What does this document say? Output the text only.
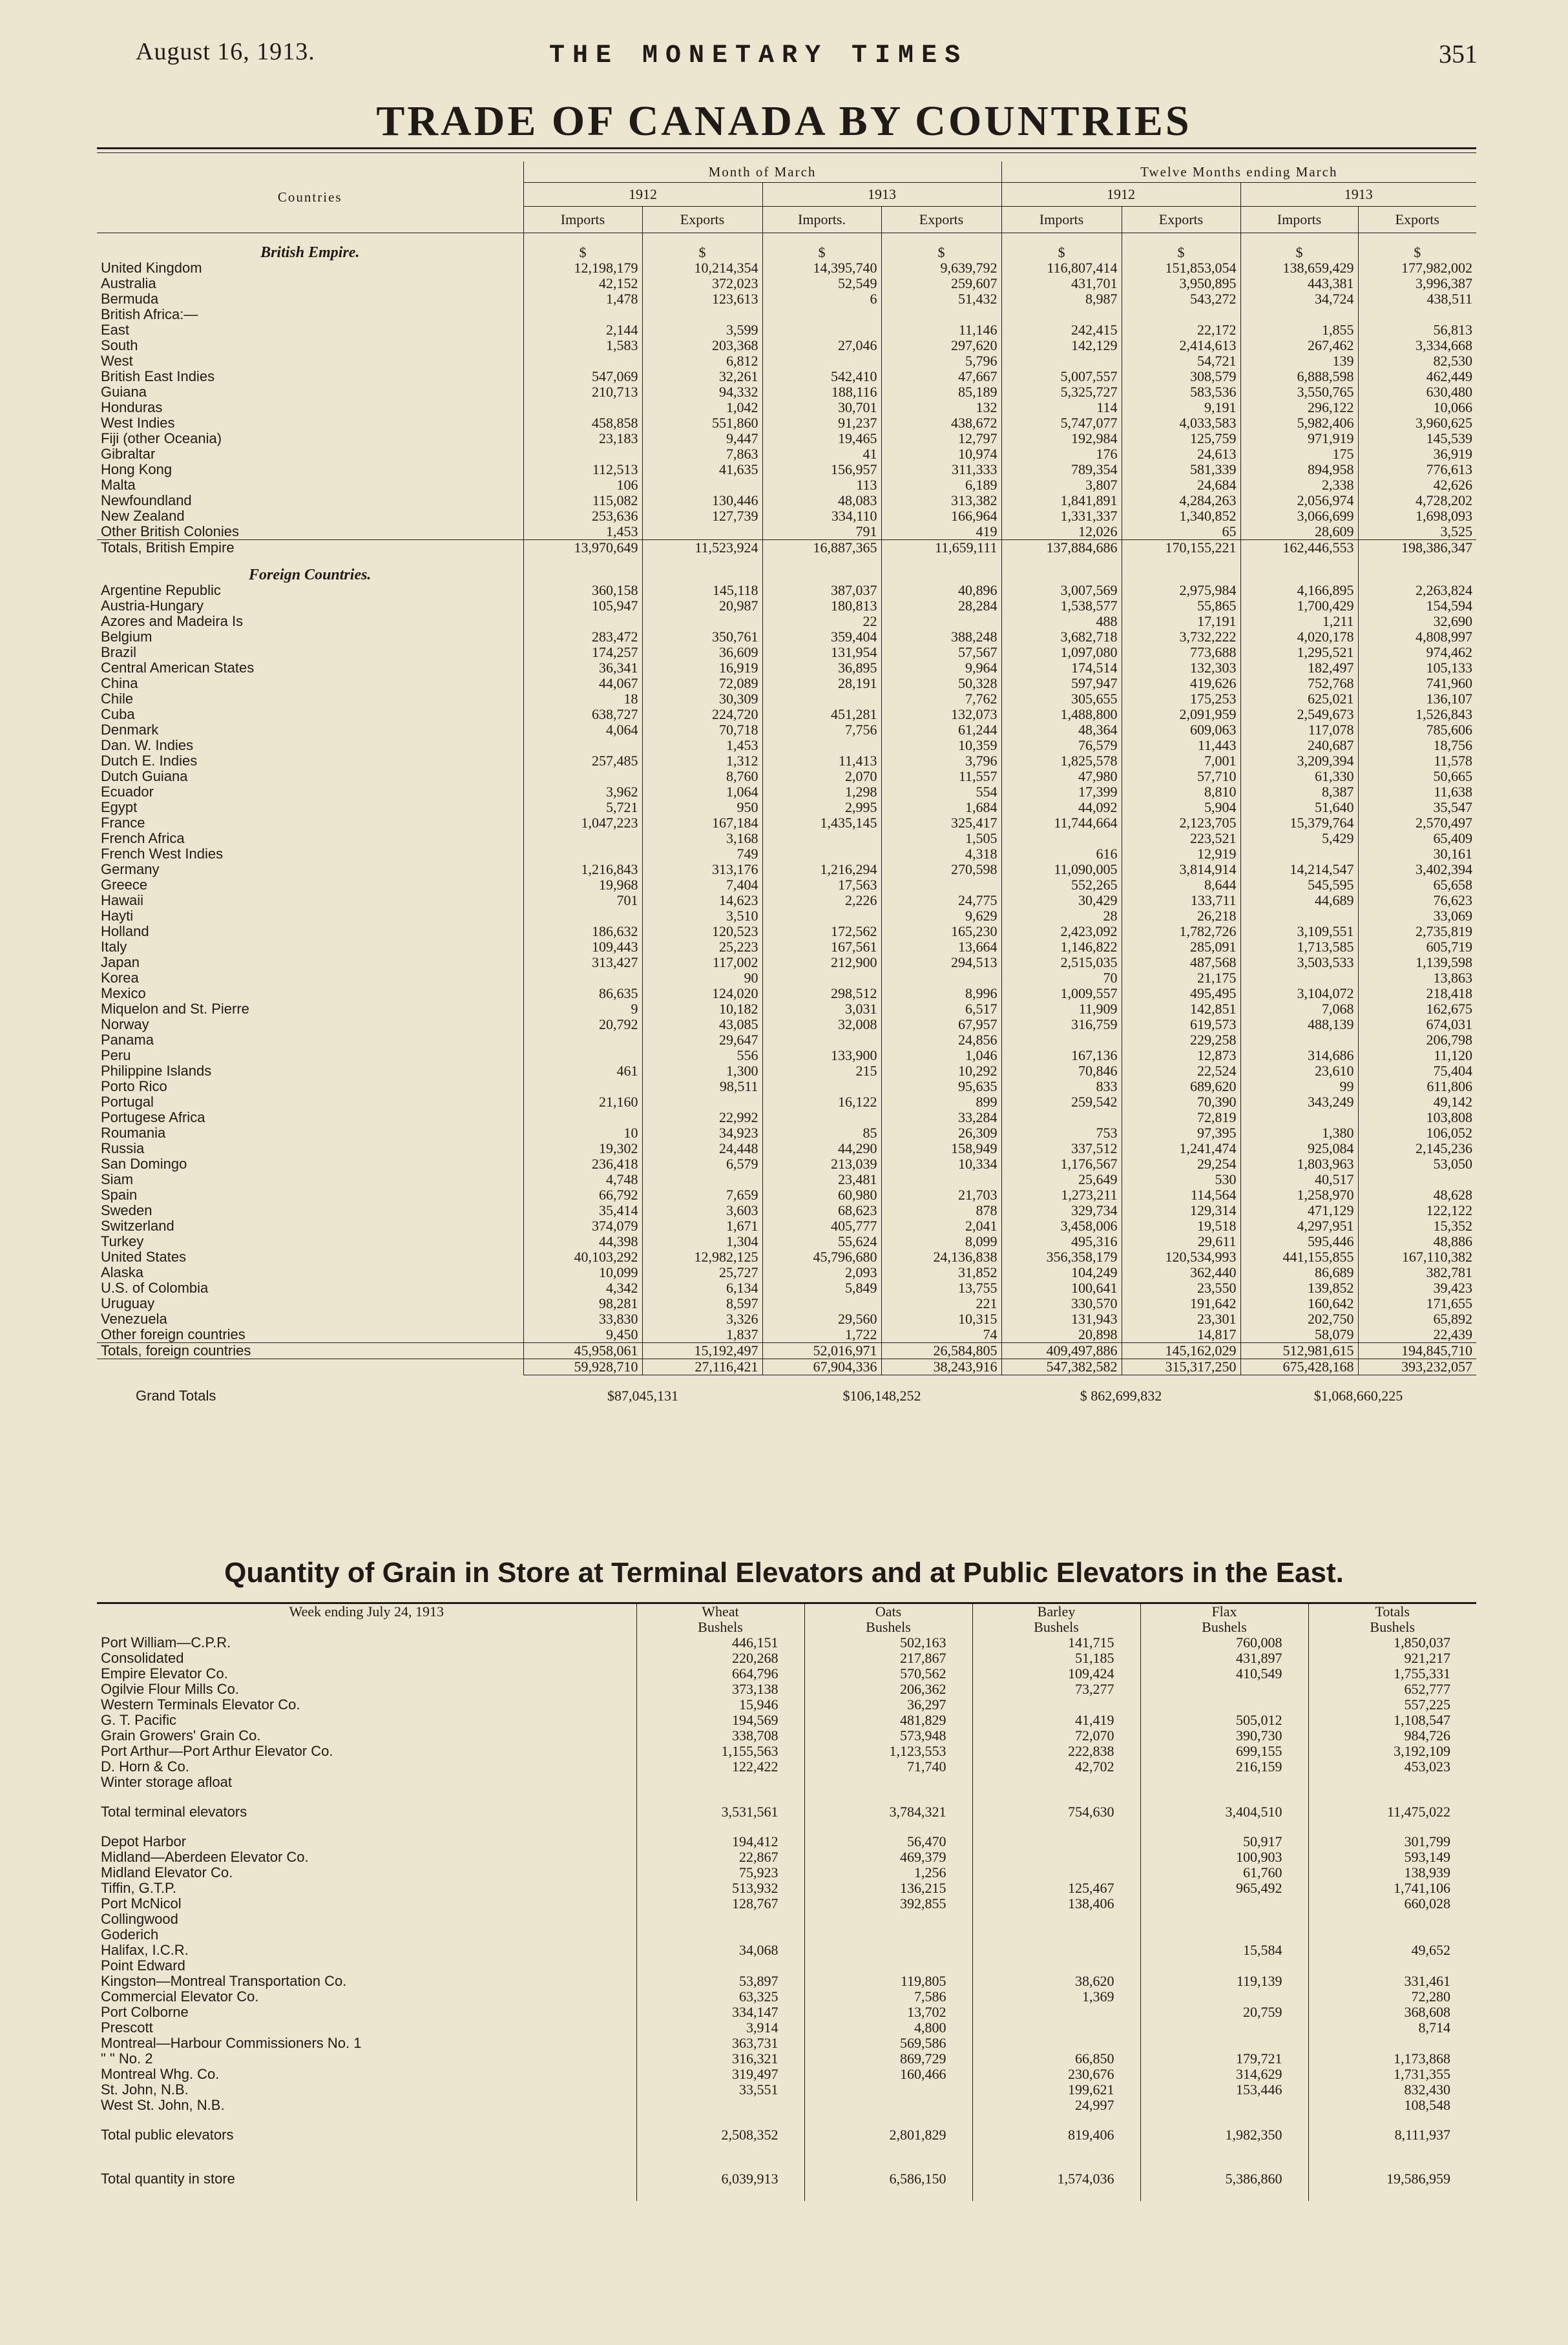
August 16, 1913.	THE MONETARY TIMES	351
TRADE OF CANADA BY COUNTRIES
Countries	Month of March				Twelve Months ending March			
	1912		1913		1912		1913	
	Imports	Exports	Imports.	Exports	Imports	Exports	Imports	Exports
British Empire.	$	$	$	$	$	$	$	$
United Kingdom	12,198,179	10,214,354	14,395,740	9,639,792	116,807,414	151,853,054	138,659,429	177,982,002
Australia	42,152	372,023	52,549	259,607	431,701	3,950,895	443,381	3,996,387
Bermuda	1,478	123,613	6	51,432	8,987	543,272	34,724	438,511
British Africa:—								
East	2,144	3,599		11,146	242,415	22,172	1,855	56,813
South	1,583	203,368	27,046	297,620	142,129	2,414,613	267,462	3,334,668
West		6,812		5,796		54,721	139	82,530
British East Indies	547,069	32,261	542,410	47,667	5,007,557	308,579	6,888,598	462,449
Guiana	210,713	94,332	188,116	85,189	5,325,727	583,536	3,550,765	630,480
Honduras		1,042	30,701	132	114	9,191	296,122	10,066
West Indies	458,858	551,860	91,237	438,672	5,747,077	4,033,583	5,982,406	3,960,625
Fiji (other Oceania)	23,183	9,447	19,465	12,797	192,984	125,759	971,919	145,539
Gibraltar		7,863	41	10,974	176	24,613	175	36,919
Hong Kong	112,513	41,635	156,957	311,333	789,354	581,339	894,958	776,613
Malta	106		113	6,189	3,807	24,684	2,338	42,626
Newfoundland	115,082	130,446	48,083	313,382	1,841,891	4,284,263	2,056,974	4,728,202
New Zealand	253,636	127,739	334,110	166,964	1,331,337	1,340,852	3,066,699	1,698,093
Other British Colonies	1,453		791	419	12,026	65	28,609	3,525
Totals, British Empire	13,970,649	11,523,924	16,887,365	11,659,111	137,884,686	170,155,221	162,446,553	198,386,347
Foreign Countries.								
Argentine Republic	360,158	145,118	387,037	40,896	3,007,569	2,975,984	4,166,895	2,263,824
Austria-Hungary	105,947	20,987	180,813	28,284	1,538,577	55,865	1,700,429	154,594
Azores and Madeira Is			22		488	17,191	1,211	32,690
Belgium	283,472	350,761	359,404	388,248	3,682,718	3,732,222	4,020,178	4,808,997
Brazil	174,257	36,609	131,954	57,567	1,097,080	773,688	1,295,521	974,462
Central American States	36,341	16,919	36,895	9,964	174,514	132,303	182,497	105,133
China	44,067	72,089	28,191	50,328	597,947	419,626	752,768	741,960
Chile	18	30,309		7,762	305,655	175,253	625,021	136,107
Cuba	638,727	224,720	451,281	132,073	1,488,800	2,091,959	2,549,673	1,526,843
Denmark	4,064	70,718	7,756	61,244	48,364	609,063	117,078	785,606
Dan. W. Indies		1,453		10,359	76,579	11,443	240,687	18,756
Dutch E. Indies	257,485	1,312	11,413	3,796	1,825,578	7,001	3,209,394	11,578
Dutch Guiana		8,760	2,070	11,557	47,980	57,710	61,330	50,665
Ecuador	3,962	1,064	1,298	554	17,399	8,810	8,387	11,638
Egypt	5,721	950	2,995	1,684	44,092	5,904	51,640	35,547
France	1,047,223	167,184	1,435,145	325,417	11,744,664	2,123,705	15,379,764	2,570,497
French Africa		3,168		1,505		223,521	5,429	65,409
French West Indies		749		4,318	616	12,919		30,161
Germany	1,216,843	313,176	1,216,294	270,598	11,090,005	3,814,914	14,214,547	3,402,394
Greece	19,968	7,404	17,563		552,265	8,644	545,595	65,658
Hawaii	701	14,623	2,226	24,775	30,429	133,711	44,689	76,623
Hayti		3,510		9,629	28	26,218		33,069
Holland	186,632	120,523	172,562	165,230	2,423,092	1,782,726	3,109,551	2,735,819
Italy	109,443	25,223	167,561	13,664	1,146,822	285,091	1,713,585	605,719
Japan	313,427	117,002	212,900	294,513	2,515,035	487,568	3,503,533	1,139,598
Korea		90			70	21,175		13,863
Mexico	86,635	124,020	298,512	8,996	1,009,557	495,495	3,104,072	218,418
Miquelon and St. Pierre	9	10,182	3,031	6,517	11,909	142,851	7,068	162,675
Norway	20,792	43,085	32,008	67,957	316,759	619,573	488,139	674,031
Panama		29,647		24,856		229,258		206,798
Peru		556	133,900	1,046	167,136	12,873	314,686	11,120
Philippine Islands	461	1,300	215	10,292	70,846	22,524	23,610	75,404
Porto Rico		98,511		95,635	833	689,620	99	611,806
Portugal	21,160		16,122	899	259,542	70,390	343,249	49,142
Portugese Africa		22,992		33,284		72,819		103,808
Roumania	10	34,923	85	26,309	753	97,395	1,380	106,052
Russia	19,302	24,448	44,290	158,949	337,512	1,241,474	925,084	2,145,236
San Domingo	236,418	6,579	213,039	10,334	1,176,567	29,254	1,803,963	53,050
Siam	4,748		23,481		25,649	530	40,517	
Spain	66,792	7,659	60,980	21,703	1,273,211	114,564	1,258,970	48,628
Sweden	35,414	3,603	68,623	878	329,734	129,314	471,129	122,122
Switzerland	374,079	1,671	405,777	2,041	3,458,006	19,518	4,297,951	15,352
Turkey	44,398	1,304	55,624	8,099	495,316	29,611	595,446	48,886
United States	40,103,292	12,982,125	45,796,680	24,136,838	356,358,179	120,534,993	441,155,855	167,110,382
Alaska	10,099	25,727	2,093	31,852	104,249	362,440	86,689	382,781
U.S. of Colombia	4,342	6,134	5,849	13,755	100,641	23,550	139,852	39,423
Uruguay	98,281	8,597		221	330,570	191,642	160,642	171,655
Venezuela	33,830	3,326	29,560	10,315	131,943	23,301	202,750	65,892
Other foreign countries	9,450	1,837	1,722	74	20,898	14,817	58,079	22,439
Totals, foreign countries	45,958,061	15,192,497	52,016,971	26,584,805	409,497,886	145,162,029	512,981,615	194,845,710
	59,928,710	27,116,421	67,904,336	38,243,916	547,382,582	315,317,250	675,428,168	393,232,057
Grand Totals	$87,045,131		$106,148,252		$ 862,699,832		$1,068,660,225	
Quantity of Grain in Store at Terminal Elevators and at Public Elevators in the East.
Week ending July 24, 1913	Wheat	Oats	Barley	Flax	Totals
	Bushels	Bushels	Bushels	Bushels	Bushels
Port William—C.P.R.	446,151	502,163	141,715	760,008	1,850,037
Consolidated	220,268	217,867	51,185	431,897	921,217
Empire Elevator Co.	664,796	570,562	109,424	410,549	1,755,331
Ogilvie Flour Mills Co.	373,138	206,362	73,277		652,777
Western Terminals Elevator Co.	15,946	36,297			557,225
G. T. Pacific	194,569	481,829	41,419	505,012	1,108,547
Grain Growers' Grain Co.	338,708	573,948	72,070	390,730	984,726
Port Arthur—Port Arthur Elevator Co.	1,155,563	1,123,553	222,838	699,155	3,192,109
D. Horn & Co.	122,422	71,740	42,702	216,159	453,023
Winter storage afloat					
Total terminal elevators	3,531,561	3,784,321	754,630	3,404,510	11,475,022
Depot Harbor	194,412	56,470		50,917	301,799
Midland—Aberdeen Elevator Co.	22,867	469,379		100,903	593,149
Midland Elevator Co.	75,923	1,256		61,760	138,939
Tiffin, G.T.P.	513,932	136,215	125,467	965,492	1,741,106
Port McNicol	128,767	392,855	138,406		660,028
Collingwood					
Goderich					
Halifax, I.C.R.	34,068			15,584	49,652
Point Edward					
Kingston—Montreal Transportation Co.	53,897	119,805	38,620	119,139	331,461
Commercial Elevator Co.	63,325	7,586	1,369		72,280
Port Colborne	334,147	13,702		20,759	368,608
Prescott	3,914	4,800			8,714
Montreal—Harbour Commissioners No. 1	363,731	569,586			
" " No. 2	316,321	869,729	66,850	179,721	1,173,868
Montreal Whg. Co.	319,497	160,466	230,676	314,629	1,731,355
St. John, N.B.	33,551		199,621	153,446	832,430
West St. John, N.B.			24,997		108,548
Total public elevators	2,508,352	2,801,829	819,406	1,982,350	8,111,937
Total quantity in store	6,039,913	6,586,150	1,574,036	5,386,860	19,586,959
